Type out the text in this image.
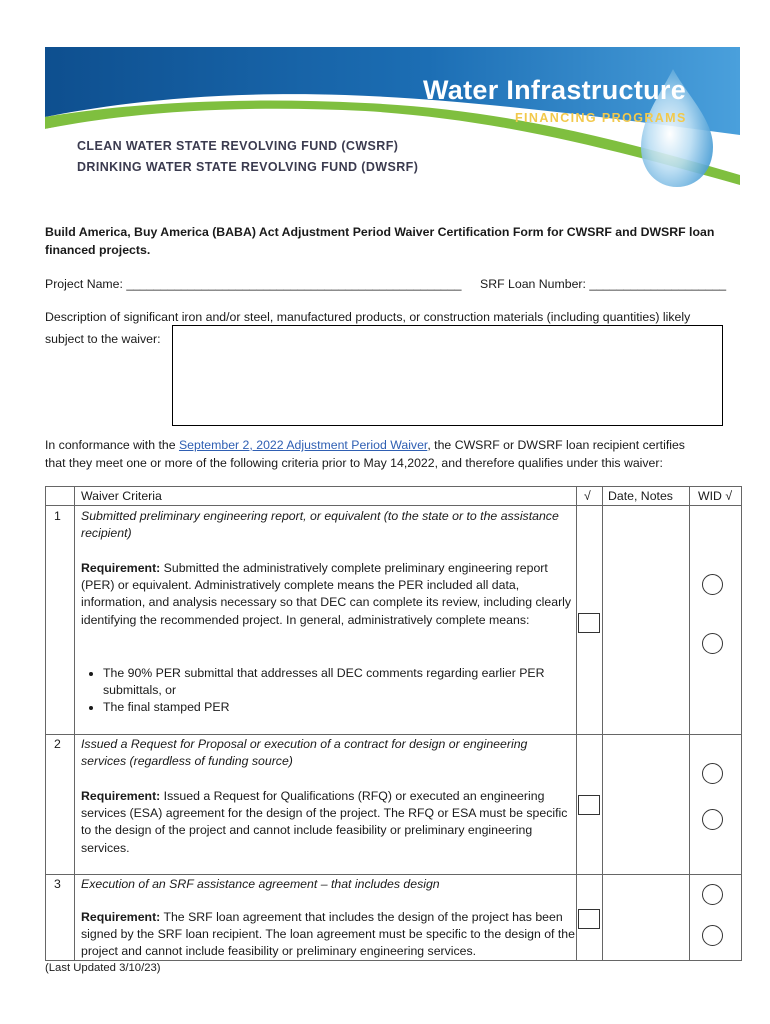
Water Infrastructure
FINANCING PROGRAMS
CLEAN WATER STATE REVOLVING FUND (CWSRF)
DRINKING WATER STATE REVOLVING FUND (DWSRF)
Build America, Buy America (BABA) Act Adjustment Period Waiver Certification Form for CWSRF and DWSRF loan financed projects.
Project Name: _________________________________________________ SRF Loan Number: ____________________
Description of significant iron and/or steel, manufactured products, or construction materials (including quantities) likely
subject to the waiver:
In conformance with the September 2, 2022 Adjustment Period Waiver, the CWSRF or DWSRF loan recipient certifies
that they meet one or more of the following criteria prior to May 14,2022, and therefore qualifies under this waiver:
Waiver Criteria	√ Date, Notes WID √
1 Submitted preliminary engineering report, or equivalent (to the state or to the assistance recipient)
Requirement: Submitted the administratively complete preliminary engineering report (PER) or equivalent. Administratively complete means the PER included all data, information, and analysis necessary so that DEC can complete its review, including clearly identifying the recommended project. In general, administratively complete means:
• The 90% PER submittal that addresses all DEC comments regarding earlier PER submittals, or
• The final stamped PER
2 Issued a Request for Proposal or execution of a contract for design or engineering services (regardless of funding source)
Requirement: Issued a Request for Qualifications (RFQ) or executed an engineering services (ESA) agreement for the design of the project. The RFQ or ESA must be specific to the design of the project and cannot include feasibility or preliminary engineering services.
3 Execution of an SRF assistance agreement – that includes design
Requirement: The SRF loan agreement that includes the design of the project has been signed by the SRF loan recipient. The loan agreement must be specific to the design of the project and cannot include feasibility or preliminary engineering services.
(Last Updated 3/10/23)
